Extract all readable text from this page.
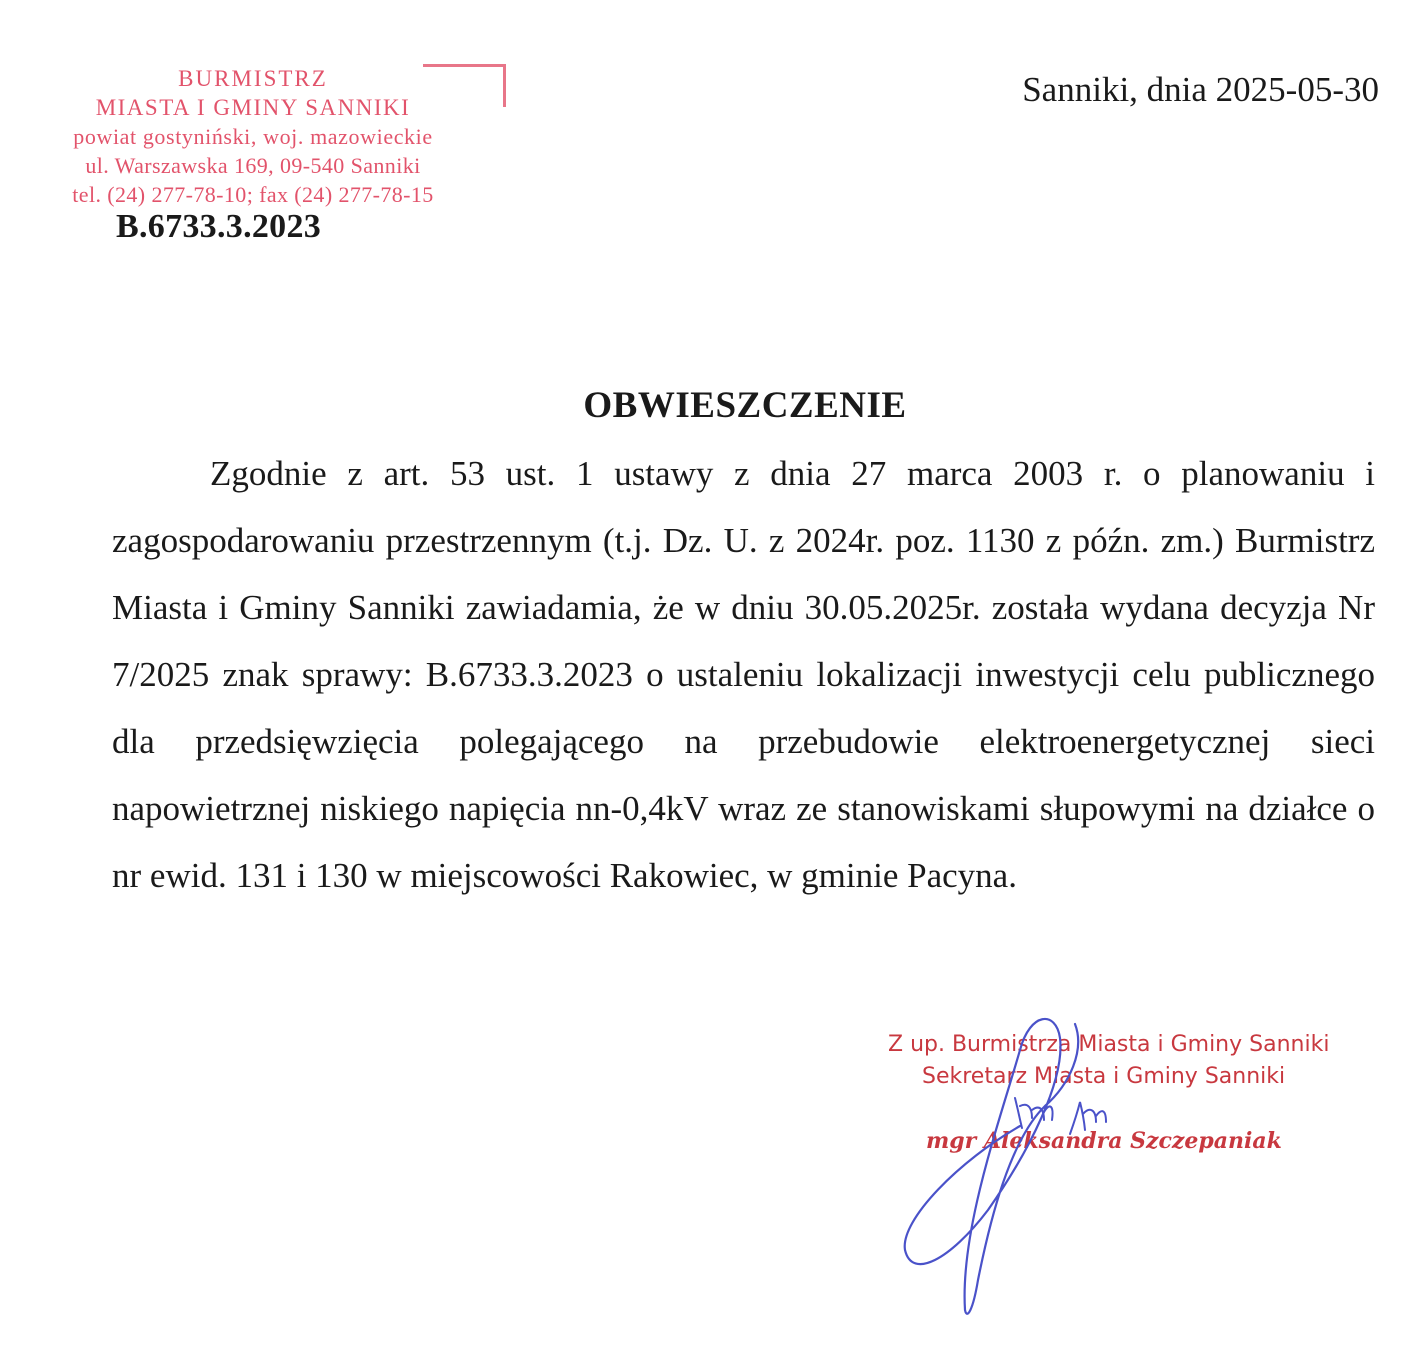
BURMISTRZ
MIASTA I GMINY SANNIKI
powiat gostyniński, woj. mazowieckie
ul. Warszawska 169, 09-540 Sanniki
tel. (24) 277-78-10; fax (24) 277-78-15
B.6733.3.2023
Sanniki, dnia 2025-05-30
OBWIESZCZENIE

Zgodnie z art. 53 ust. 1 ustawy z dnia 27 marca 2003 r. o planowaniu i zagospodarowaniu przestrzennym (t.j. Dz. U. z 2024r. poz. 1130 z późn. zm.) Burmistrz Miasta i Gminy Sanniki zawiadamia, że w dniu 30.05.2025r. została wydana decyzja Nr 7/2025 znak sprawy: B.6733.3.2023 o ustaleniu lokalizacji inwestycji celu publicznego dla przedsięwzięcia polegającego na przebudowie elektroenergetycznej sieci napowietrznej niskiego napięcia nn-0,4kV wraz ze stanowiskami słupowymi na działce o nr ewid. 131 i 130 w miejscowości Rakowiec, w gminie Pacyna.

Z up. Burmistrza Miasta i Gminy Sanniki
Sekretarz Miasta i Gminy Sanniki
mgr Aleksandra Szczepaniak
